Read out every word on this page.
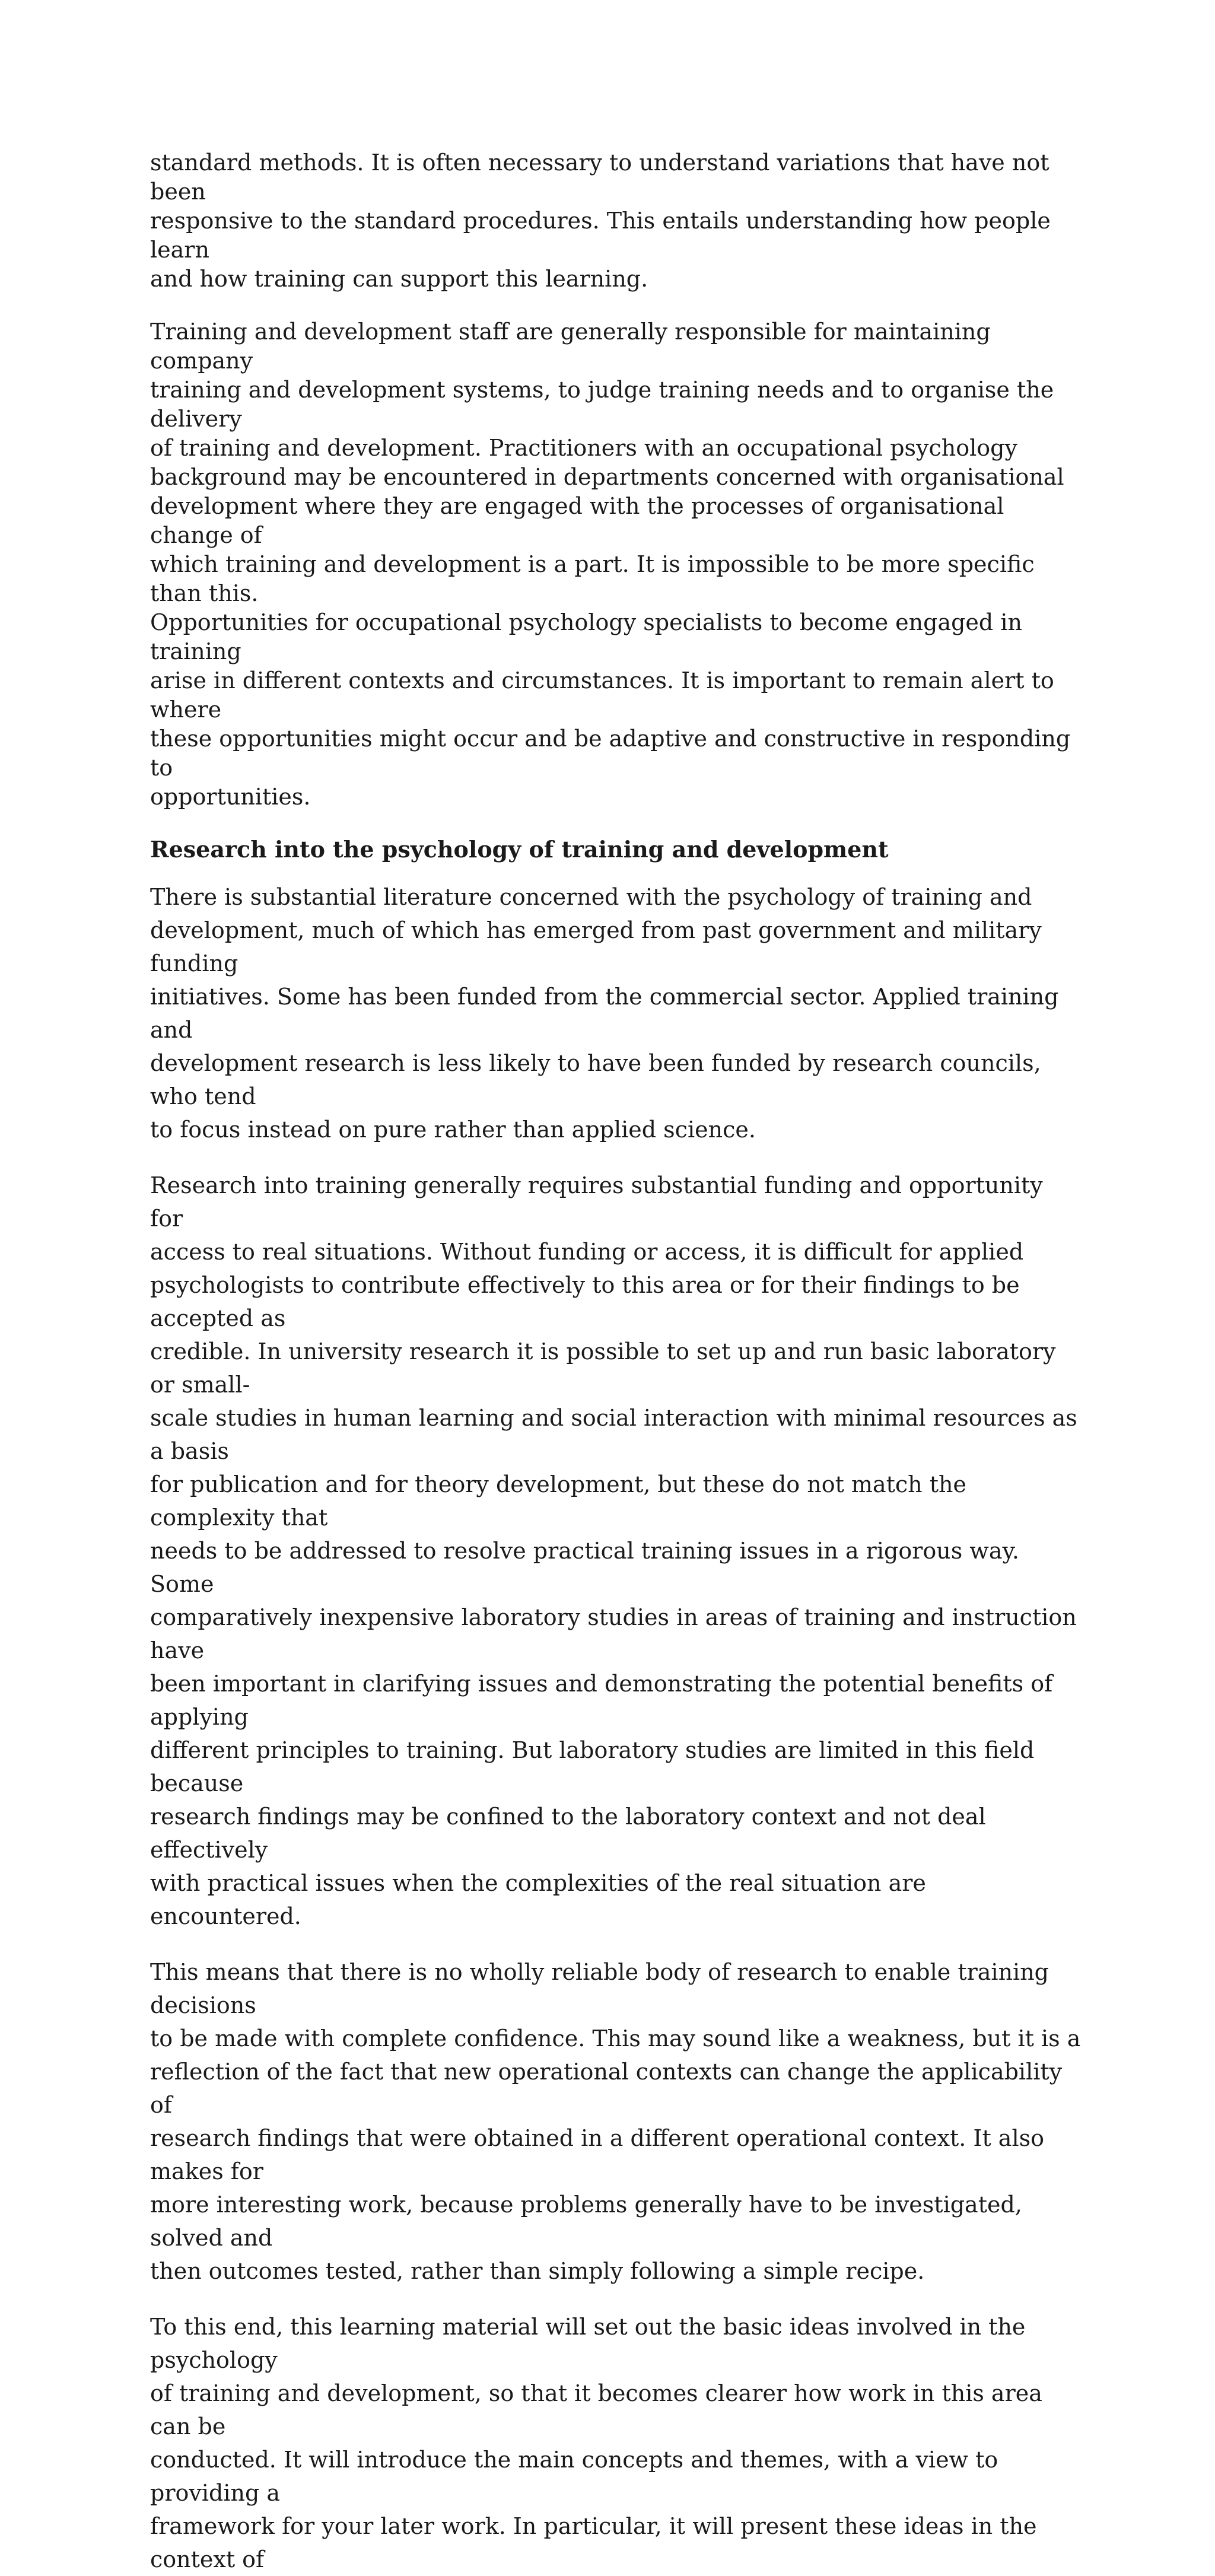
standard methods. It is often necessary to understand variations that have not been
responsive to the standard procedures. This entails understanding how people learn
and how training can support this learning.

Training and development staff are generally responsible for maintaining company
training and development systems, to judge training needs and to organise the delivery
of training and development. Practitioners with an occupational psychology
background may be encountered in departments concerned with organisational
development where they are engaged with the processes of organisational change of
which training and development is a part. It is impossible to be more specific than this.
Opportunities for occupational psychology specialists to become engaged in training
arise in different contexts and circumstances. It is important to remain alert to where
these opportunities might occur and be adaptive and constructive in responding to
opportunities.

Research into the psychology of training and development

There is substantial literature concerned with the psychology of training and
development, much of which has emerged from past government and military funding
initiatives. Some has been funded from the commercial sector. Applied training and
development research is less likely to have been funded by research councils, who tend
to focus instead on pure rather than applied science.

Research into training generally requires substantial funding and opportunity for
access to real situations. Without funding or access, it is difficult for applied
psychologists to contribute effectively to this area or for their findings to be accepted as
credible. In university research it is possible to set up and run basic laboratory or small-
scale studies in human learning and social interaction with minimal resources as a basis
for publication and for theory development, but these do not match the complexity that
needs to be addressed to resolve practical training issues in a rigorous way. Some
comparatively inexpensive laboratory studies in areas of training and instruction have
been important in clarifying issues and demonstrating the potential benefits of applying
different principles to training. But laboratory studies are limited in this field because
research findings may be confined to the laboratory context and not deal effectively
with practical issues when the complexities of the real situation are encountered.

This means that there is no wholly reliable body of research to enable training decisions
to be made with complete confidence. This may sound like a weakness, but it is a
reflection of the fact that new operational contexts can change the applicability of
research findings that were obtained in a different operational context. It also makes for
more interesting work, because problems generally have to be investigated, solved and
then outcomes tested, rather than simply following a simple recipe.

To this end, this learning material will set out the basic ideas involved in the psychology
of training and development, so that it becomes clearer how work in this area can be
conducted. It will introduce the main concepts and themes, with a view to providing a
framework for your later work. In particular, it will present these ideas in the context of
